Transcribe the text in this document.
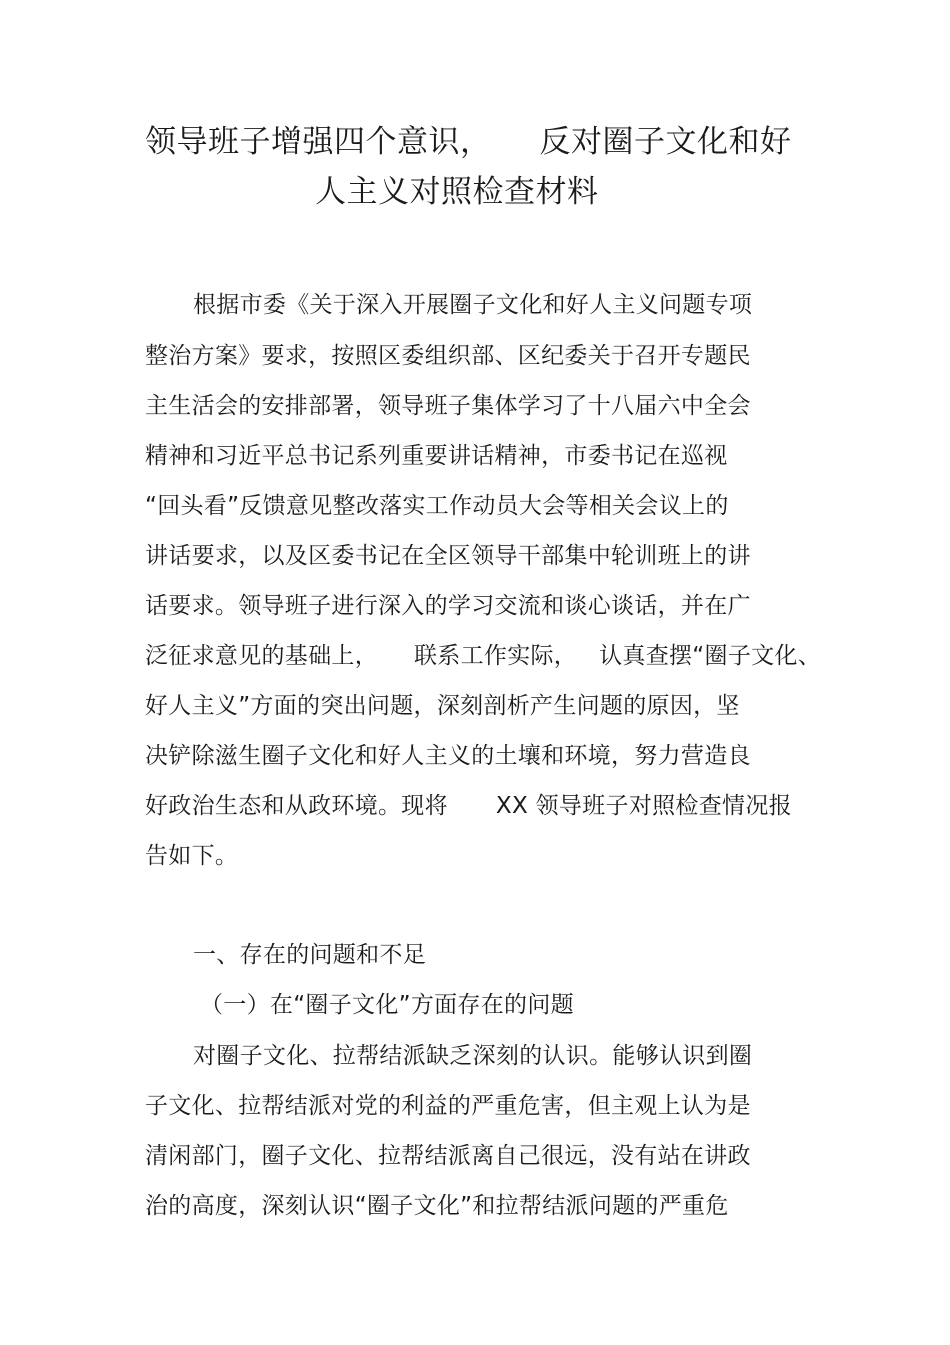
领导班子增强四个意识， 反对圈子文化和好
人主义对照检查材料
根据市委《关于深入开展圈子文化和好人主义问题专项
整治方案》要求，按照区委组织部、区纪委关于召开专题民
主生活会的安排部署，领导班子集体学习了十八届六中全会
精神和习近平总书记系列重要讲话精神，市委书记在巡视
“回头看”反馈意见整改落实工作动员大会等相关会议上的
讲话要求，以及区委书记在全区领导干部集中轮训班上的讲
话要求。领导班子进行深入的学习交流和谈心谈话，并在广
泛征求意见的基础上， 联系工作实际， 认真查摆“圈子文化、
好人主义”方面的突出问题，深刻剖析产生问题的原因，坚
决铲除滋生圈子文化和好人主义的土壤和环境，努力营造良
好政治生态和从政环境。现将 XX 领导班子对照检查情况报
告如下。
一、存在的问题和不足
（一）在“圈子文化”方面存在的问题
对圈子文化、拉帮结派缺乏深刻的认识。能够认识到圈
子文化、拉帮结派对党的利益的严重危害，但主观上认为是
清闲部门，圈子文化、拉帮结派离自己很远，没有站在讲政
治的高度，深刻认识“圈子文化”和拉帮结派问题的严重危
